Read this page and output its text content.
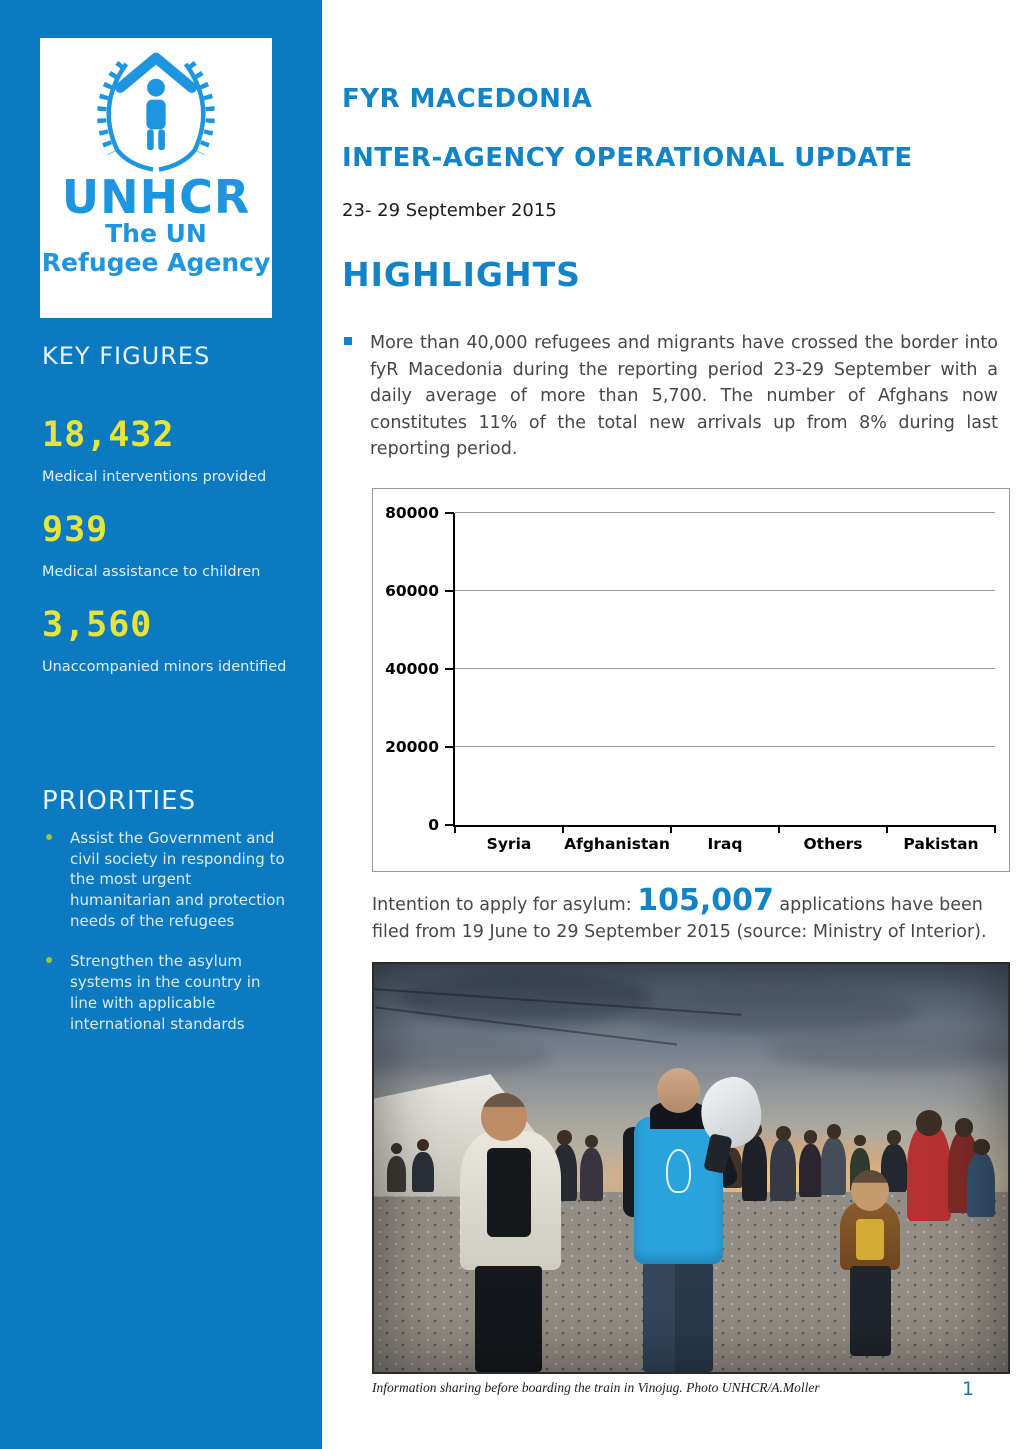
UNHCR
The UN
Refugee Agency
KEY FIGURES
18,432
Medical interventions provided
939
Medical assistance to children
3,560
Unaccompanied minors identified
PRIORITIES
Assist the Government and civil society in responding to the most urgent humanitarian and protection needs of the refugees
Strengthen the asylum systems in the country in line with applicable international standards
FYR MACEDONIA
INTER-AGENCY OPERATIONAL UPDATE
23- 29 September 2015
HIGHLIGHTS

More than 40,000 refugees and migrants have crossed the border into fyR Macedonia during the reporting period 23-29 September with a daily average of more than 5,700. The number of Afghans now constitutes 11% of the total new arrivals up from 8% during last reporting period.

0
20000
40000
60000
80000
Syria	Afghanistan	Iraq	Others	Pakistan

Intention to apply for asylum: 105,007 applications have been filed from 19 June to 29 September 2015 (source: Ministry of Interior).

Information sharing before boarding the train in Vinojug. Photo UNHCR/A.Moller	1
